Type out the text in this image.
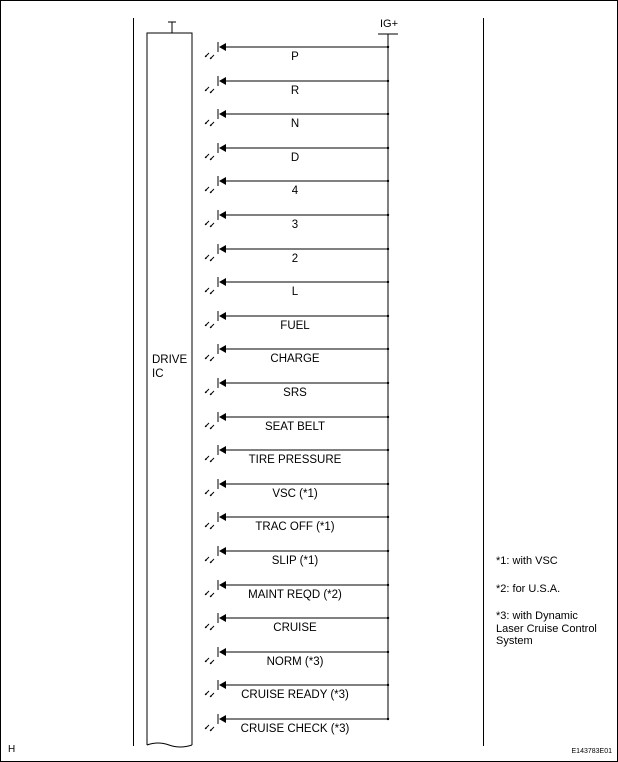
IG+
DRIVE
IC
P
R
N
D
4
3
2
L
FUEL
CHARGE
SRS
SEAT BELT
TIRE PRESSURE
VSC (*1)
TRAC OFF (*1)
SLIP (*1)
MAINT REQD (*2)
CRUISE
NORM (*3)
CRUISE READY (*3)
CRUISE CHECK (*3)
*1: with VSC
*2: for U.S.A.
*3: with Dynamic
Laser Cruise Control
System
H	E143783E01
